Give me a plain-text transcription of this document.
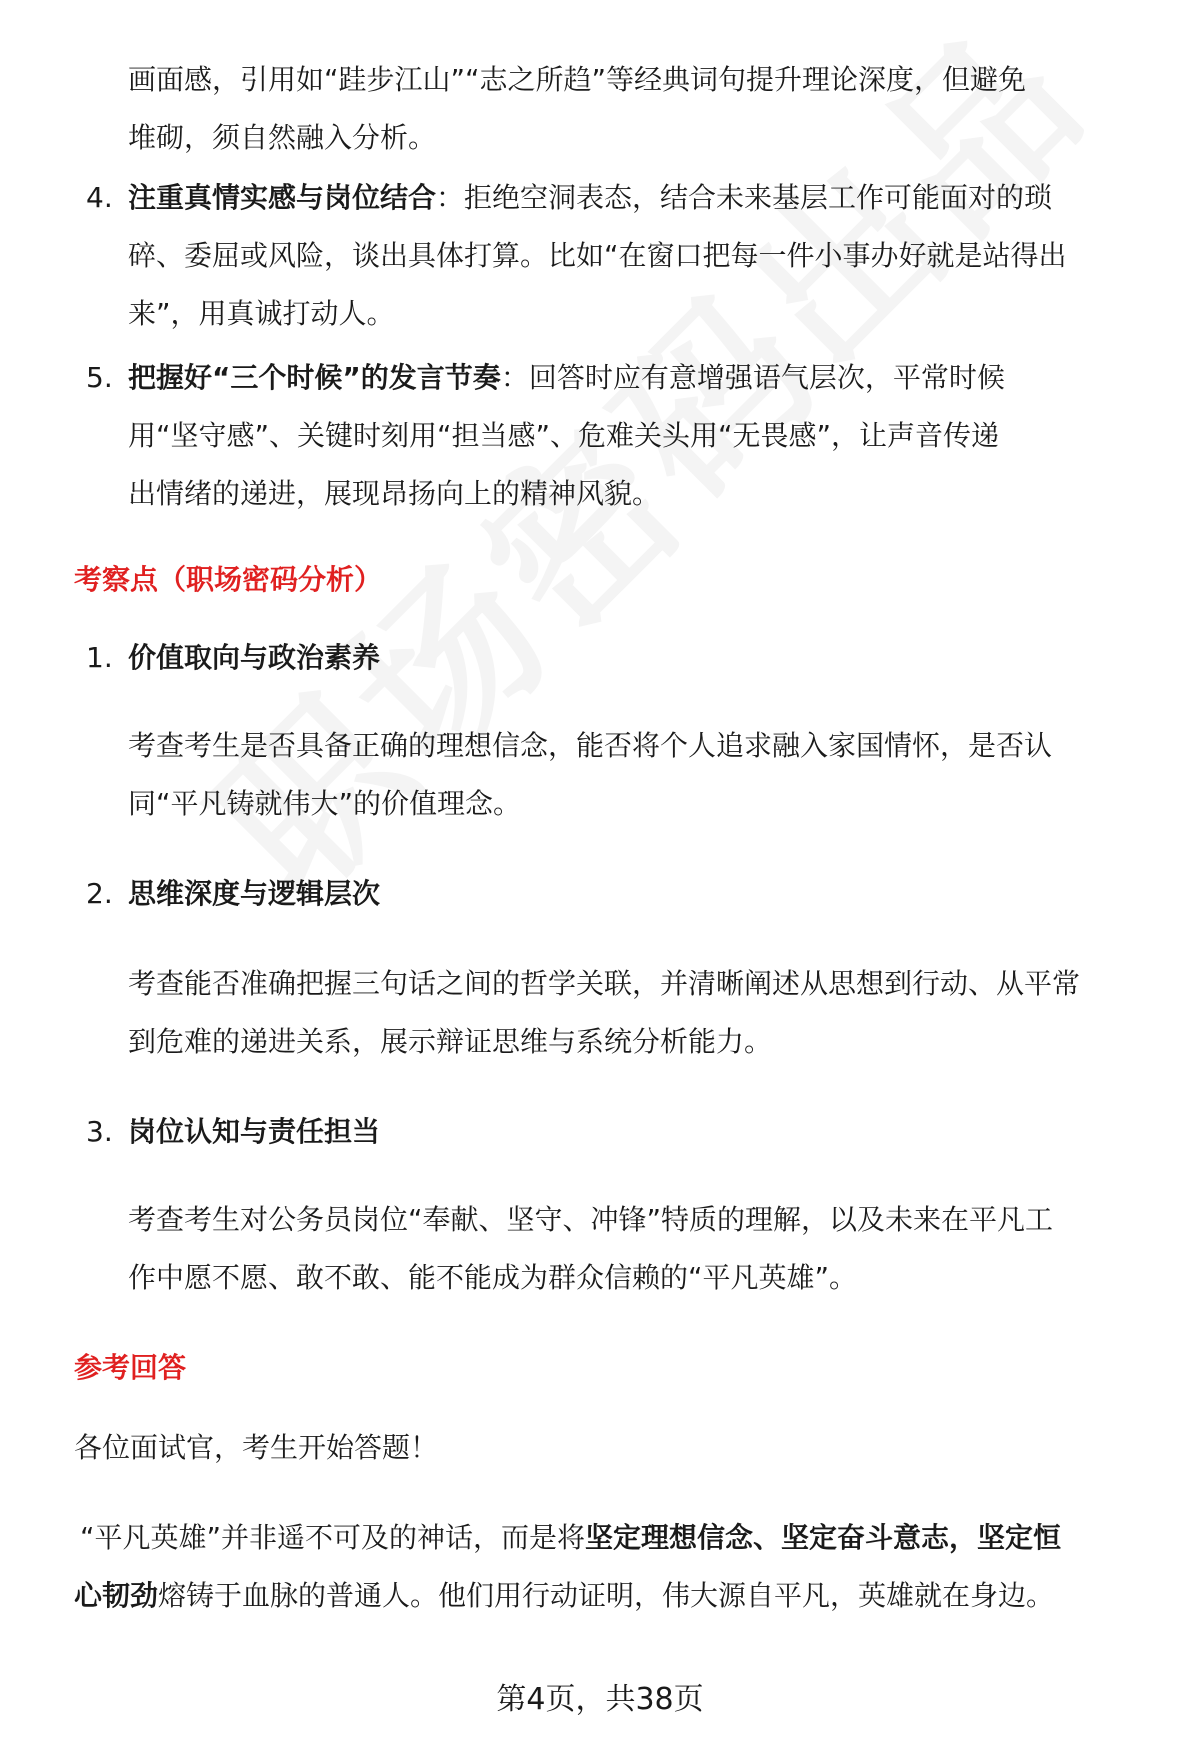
画面感，引用如“跬步江山”“志之所趋”等经典词句提升理论深度，但避免
堆砌，须自然融入分析。
4. 注重真情实感与岗位结合：拒绝空洞表态，结合未来基层工作可能面对的琐
碎、委屈或风险，谈出具体打算。比如“在窗口把每一件小事办好就是站得出
来”，用真诚打动人。
5. 把握好“三个时候”的发言节奏：回答时应有意增强语气层次，平常时候
用“坚守感”、关键时刻用“担当感”、危难关头用“无畏感”，让声音传递
出情绪的递进，展现昂扬向上的精神风貌。
考察点（职场密码分析）
1. 价值取向与政治素养
考查考生是否具备正确的理想信念，能否将个人追求融入家国情怀，是否认
同“平凡铸就伟大”的价值理念。
2. 思维深度与逻辑层次
考查能否准确把握三句话之间的哲学关联，并清晰阐述从思想到行动、从平常
到危难的递进关系，展示辩证思维与系统分析能力。
3. 岗位认知与责任担当
考查考生对公务员岗位“奉献、坚守、冲锋”特质的理解，以及未来在平凡工
作中愿不愿、敢不敢、能不能成为群众信赖的“平凡英雄”。
参考回答
各位面试官，考生开始答题！
“平凡英雄”并非遥不可及的神话，而是将坚定理想信念、坚定奋斗意志，坚定恒
心韧劲熔铸于血脉的普通人。他们用行动证明，伟大源自平凡，英雄就在身边。
第4页，共38页
